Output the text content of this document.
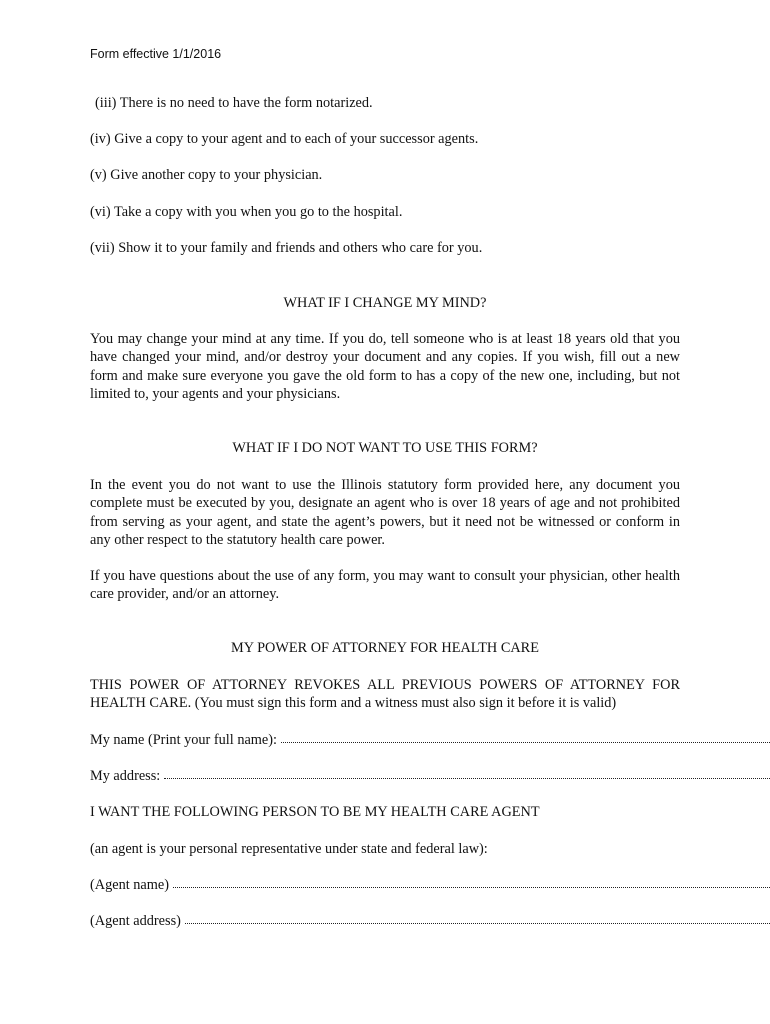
Form effective 1/1/2016
(iii) There is no need to have the form notarized.
(iv) Give a copy to your agent and to each of your successor agents.
(v) Give another copy to your physician.
(vi) Take a copy with you when you go to the hospital.
(vii) Show it to your family and friends and others who care for you.
WHAT IF I CHANGE MY MIND?
You may change your mind at any time. If you do, tell someone who is at least 18 years old that you have changed your mind, and/or destroy your document and any copies. If you wish, fill out a new form and make sure everyone you gave the old form to has a copy of the new one, including, but not limited to, your agents and your physicians.
WHAT IF I DO NOT WANT TO USE THIS FORM?
In the event you do not want to use the Illinois statutory form provided here, any document you complete must be executed by you, designate an agent who is over 18 years of age and not prohibited from serving as your agent, and state the agent’s powers, but it need not be witnessed or conform in any other respect to the statutory health care power.
If you have questions about the use of any form, you may want to consult your physician, other health care provider, and/or an attorney.
MY POWER OF ATTORNEY FOR HEALTH CARE
THIS POWER OF ATTORNEY REVOKES ALL PREVIOUS POWERS OF ATTORNEY FOR HEALTH CARE. (You must sign this form and a witness must also sign it before it is valid)
My name (Print your full name):
My address:
I WANT THE FOLLOWING PERSON TO BE MY HEALTH CARE AGENT
(an agent is your personal representative under state and federal law):
(Agent name)
(Agent address)
